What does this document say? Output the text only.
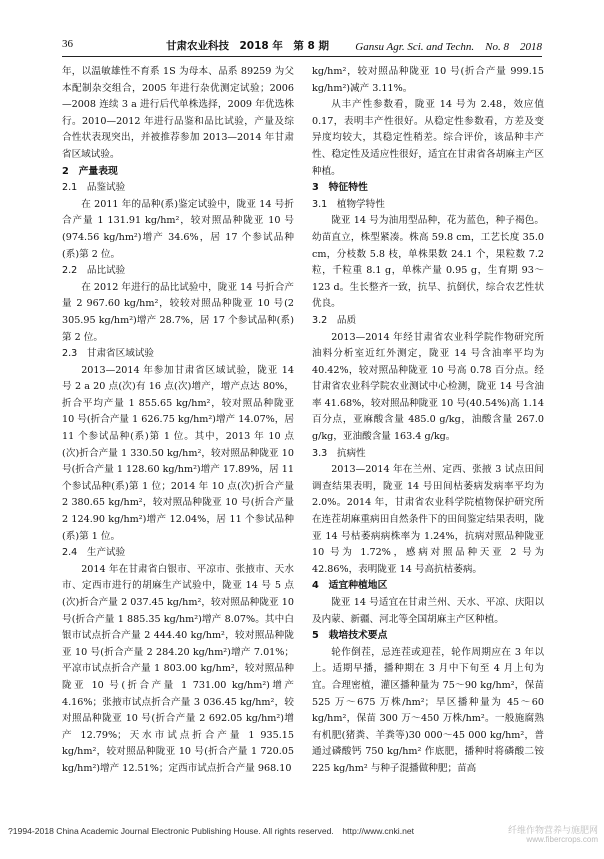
36	甘肃农业科技　2018 年　第 8 期 Gansu Agr. Sci. and Techn.　No. 8　2018

年，以温敏雄性不育系 1S 为母本、品系 89259 为父本配制杂交组合，2005 年进行杂优测定试验；2006—2008 连续 3 a 进行后代单株选择，2009 年优选株行。2010—2012 年进行品鉴和品比试验，产量及综合性状表现突出，并被推荐参加 2013—2014 年甘肃省区域试验。

2　产量表现
2.1　品鉴试验

在 2011 年的品种(系)鉴定试验中，陇亚 14 号折合产量 1 131.91 kg/hm²，较对照品种陇亚 10 号(974.56 kg/hm²)增产 34.6%，居 17 个参试品种(系)第 2 位。

2.2　品比试验

在 2012 年进行的品比试验中，陇亚 14 号折合产量 2 967.60 kg/hm²，较较对照品种陇亚 10 号(2 305.95 kg/hm²)增产 28.7%，居 17 个参试品种(系)第 2 位。

2.3　甘肃省区域试验

2013—2014 年参加甘肃省区域试验，陇亚 14 号 2 a 20 点(次)有 16 点(次)增产，增产点达 80%，折合平均产量 1 855.65 kg/hm²，较对照品种陇亚 10 号(折合产量 1 626.75 kg/hm²)增产 14.07%，居 11 个参试品种(系)第 1 位。其中，2013 年 10 点(次)折合产量 1 330.50 kg/hm²，较对照品种陇亚 10 号(折合产量 1 128.60 kg/hm²)增产 17.89%，居 11 个参试品种(系)第 1 位；2014 年 10 点(次)折合产量 2 380.65 kg/hm²，较对照品种陇亚 10 号(折合产量 2 124.90 kg/hm²)增产 12.04%，居 11 个参试品种(系)第 1 位。

2.4　生产试验

2014 年在甘肃省白银市、平凉市、张掖市、天水市、定西市进行的胡麻生产试验中，陇亚 14 号 5 点(次)折合产量 2 037.45 kg/hm²，较对照品种陇亚 10 号(折合产量 1 885.35 kg/hm²)增产 8.07%。其中白银市试点折合产量 2 444.40 kg/hm²，较对照品种陇亚 10 号(折合产量 2 284.20 kg/hm²)增产 7.01%；平凉市试点折合产量 1 803.00 kg/hm²，较对照品种陇亚 10 号(折合产量 1 731.00 kg/hm²)增产 4.16%；张掖市试点折合产量 3 036.45 kg/hm²，较对照品种陇亚 10 号(折合产量 2 692.05 kg/hm²)增产 12.79%；天水市试点折合产量 1 935.15 kg/hm²，较对照品种陇亚 10 号(折合产量 1 720.05 kg/hm²)增产 12.51%；定西市试点折合产量 968.10

kg/hm²，较对照品种陇亚 10 号(折合产量 999.15 kg/hm²)减产 3.11%。

从丰产性参数看，陇亚 14 号为 2.48，效应值 0.17，表明丰产性很好。从稳定性参数看，方差及变异度均较大，其稳定性稍差。综合评价，该品种丰产性、稳定性及适应性很好，适宜在甘肃省各胡麻主产区种植。

3　特征特性
3.1　植物学特性

陇亚 14 号为油用型品种，花为蓝色，种子褐色。幼苗直立，株型紧凑。株高 59.8 cm，工艺长度 35.0 cm，分枝数 5.8 枝，单株果数 24.1 个，果粒数 7.2 粒，千粒重 8.1 g，单株产量 0.95 g，生育期 93～123 d。生长整齐一致，抗旱、抗倒伏，综合农艺性状优良。

3.2　品质

2013—2014 年经甘肃省农业科学院作物研究所油料分析室近红外测定，陇亚 14 号含油率平均为 40.42%，较对照品种陇亚 10 号高 0.78 百分点。经甘肃省农业科学院农业测试中心检测，陇亚 14 号含油率 41.68%，较对照品种陇亚 10 号(40.54%)高 1.14 百分点，亚麻酸含量 485.0 g/kg，油酸含量 267.0 g/kg，亚油酸含量 163.4 g/kg。

3.3　抗病性

2013—2014 年在兰州、定西、张掖 3 试点田间调查结果表明，陇亚 14 号田间枯萎病发病率平均为 2.0%。2014 年，甘肃省农业科学院植物保护研究所在连茬胡麻重病田自然条件下的田间鉴定结果表明，陇亚 14 号枯萎病病株率为 1.24%，抗病对照品种陇亚 10 号为 1.72%，感病对照品种天亚 2 号为 42.86%，表明陇亚 14 号高抗枯萎病。

4　适宜种植地区

陇亚 14 号适宜在甘肃兰州、天水、平凉、庆阳以及内蒙、新疆、河北等全国胡麻主产区种植。

5　栽培技术要点

轮作倒茬，忌连茬或迎茬，轮作周期应在 3 年以上。适期早播，播种期在 3 月中下旬至 4 月上旬为宜。合理密植，灌区播种量为 75～90 kg/hm²，保苗 525 万～675 万株/hm²；旱区播种量为 45～60 kg/hm²，保苗 300 万～450 万株/hm²。一般施腐熟有机肥(猪粪、羊粪等)30 000～45 000 kg/hm²，普通过磷酸钙 750 kg/hm² 作底肥，播种时将磷酸二铵 225 kg/hm² 与种子混播做种肥；苗高

?1994-2018 China Academic Journal Electronic Publishing House. All rights reserved.　http://www.cnki.net	纤维作物营养与施肥网
www.fibercrops.com
